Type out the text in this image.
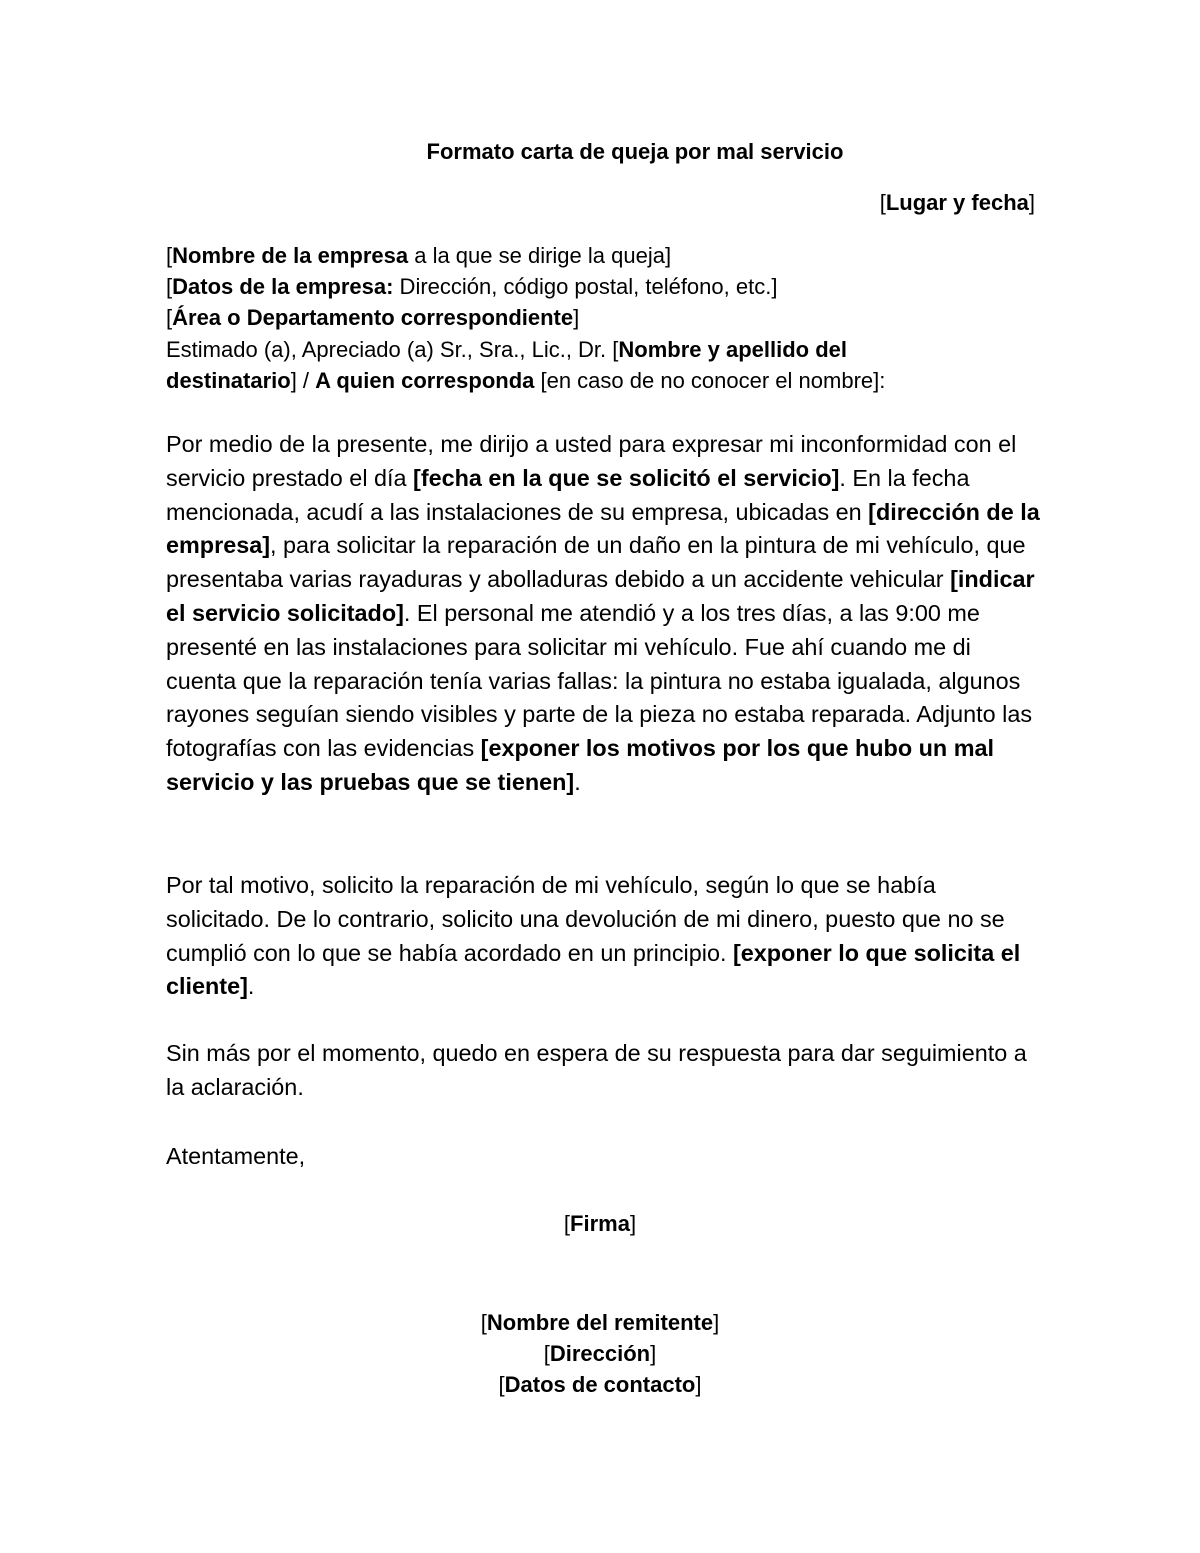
Formato carta de queja por mal servicio
[Lugar y fecha]
[Nombre de la empresa a la que se dirige la queja]
[Datos de la empresa: Dirección, código postal, teléfono, etc.]
[Área o Departamento correspondiente]
Estimado (a), Apreciado (a) Sr., Sra., Lic., Dr. [Nombre y apellido del
destinatario] / A quien corresponda [en caso de no conocer el nombre]:
Por medio de la presente, me dirijo a usted para expresar mi inconformidad con el servicio prestado el día [fecha en la que se solicitó el servicio]. En la fecha mencionada, acudí a las instalaciones de su empresa, ubicadas en [dirección de la empresa], para solicitar la reparación de un daño en la pintura de mi vehículo, que presentaba varias rayaduras y abolladuras debido a un accidente vehicular [indicar el servicio solicitado]. El personal me atendió y a los tres días, a las 9:00 me presenté en las instalaciones para solicitar mi vehículo. Fue ahí cuando me di cuenta que la reparación tenía varias fallas: la pintura no estaba igualada, algunos rayones seguían siendo visibles y parte de la pieza no estaba reparada. Adjunto las fotografías con las evidencias [exponer los motivos por los que hubo un mal servicio y las pruebas que se tienen].
Por tal motivo, solicito la reparación de mi vehículo, según lo que se había solicitado. De lo contrario, solicito una devolución de mi dinero, puesto que no se cumplió con lo que se había acordado en un principio. [exponer lo que solicita el cliente].
Sin más por el momento, quedo en espera de su respuesta para dar seguimiento a la aclaración.
Atentamente,
[Firma]
[Nombre del remitente]
[Dirección]
[Datos de contacto]
